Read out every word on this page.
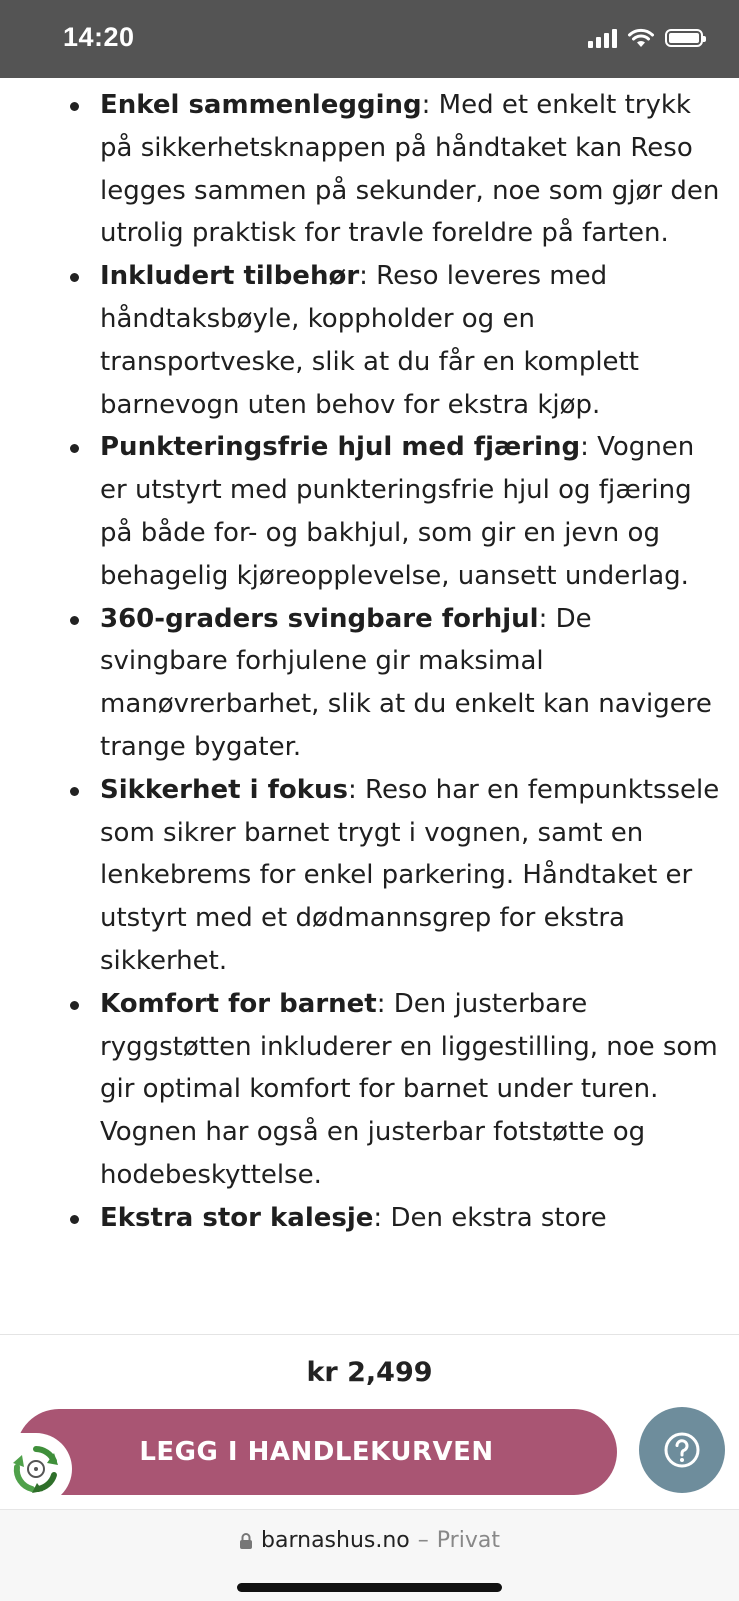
14:20
Enkel sammenlegging: Med et enkelt trykk på sikkerhetsknappen på håndtaket kan Reso legges sammen på sekunder, noe som gjør den utrolig praktisk for travle foreldre på farten.
Inkludert tilbehør: Reso leveres med håndtaksbøyle, koppholder og en transportveske, slik at du får en komplett barnevogn uten behov for ekstra kjøp.
Punkteringsfrie hjul med fjæring: Vognen er utstyrt med punkteringsfrie hjul og fjæring på både for- og bakhjul, som gir en jevn og behagelig kjøreopplevelse, uansett underlag.
360-graders svingbare forhjul: De svingbare forhjulene gir maksimal manøvrerbarhet, slik at du enkelt kan navigere trange bygater.
Sikkerhet i fokus: Reso har en fempunktssele som sikrer barnet trygt i vognen, samt en lenkebrems for enkel parkering. Håndtaket er utstyrt med et dødmannsgrep for ekstra sikkerhet.
Komfort for barnet: Den justerbare ryggstøtten inkluderer en liggestilling, noe som gir optimal komfort for barnet under turen. Vognen har også en justerbar fotstøtte og hodebeskyttelse.
Ekstra stor kalesje: Den ekstra store
kr 2,499
LEGG I HANDLEKURVEN
barnashus.no – Privat
